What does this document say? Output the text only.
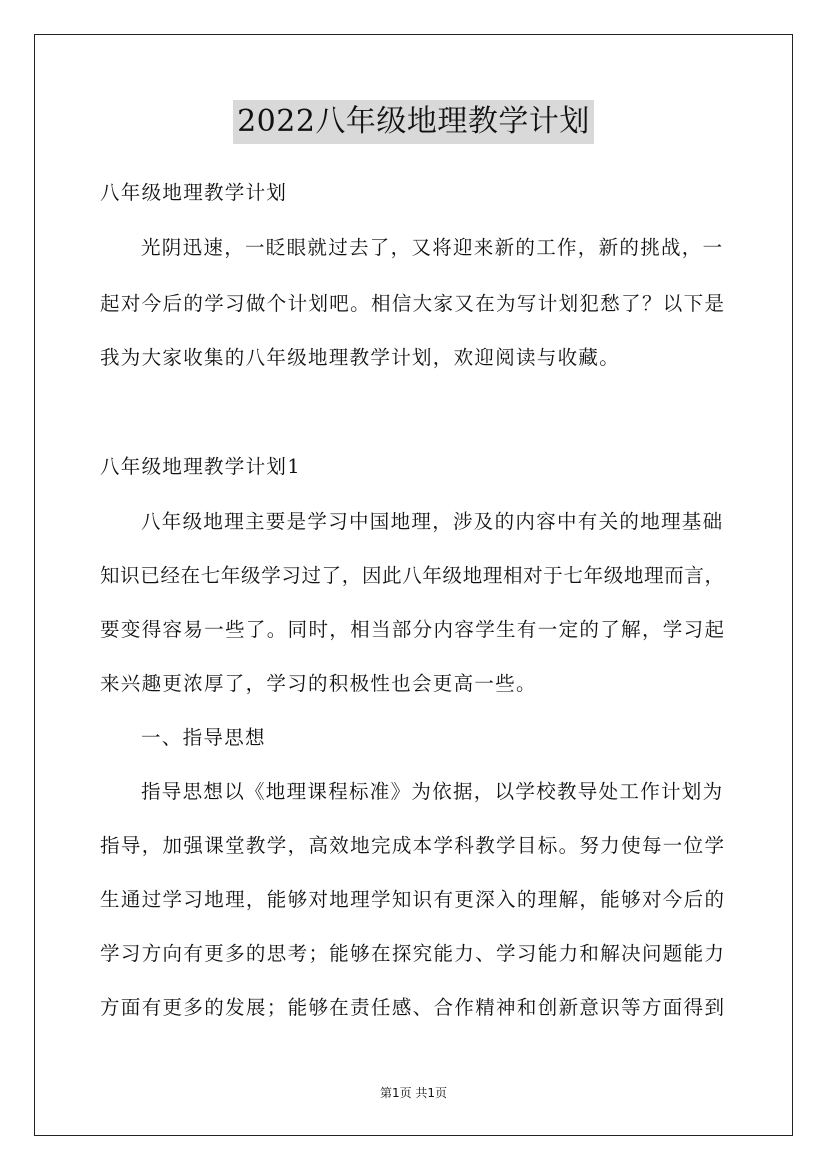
2022八年级地理教学计划
八年级地理教学计划
光阴迅速，一眨眼就过去了，又将迎来新的工作，新的挑战，一
起对今后的学习做个计划吧。相信大家又在为写计划犯愁了？以下是
我为大家收集的八年级地理教学计划，欢迎阅读与收藏。
八年级地理教学计划1
八年级地理主要是学习中国地理，涉及的内容中有关的地理基础
知识已经在七年级学习过了，因此八年级地理相对于七年级地理而言，
要变得容易一些了。同时，相当部分内容学生有一定的了解，学习起
来兴趣更浓厚了，学习的积极性也会更高一些。
一、指导思想
指导思想以《地理课程标准》为依据，以学校教导处工作计划为
指导，加强课堂教学，高效地完成本学科教学目标。努力使每一位学
生通过学习地理，能够对地理学知识有更深入的理解，能够对今后的
学习方向有更多的思考；能够在探究能力、学习能力和解决问题能力
方面有更多的发展；能够在责任感、合作精神和创新意识等方面得到
第1页 共1页
